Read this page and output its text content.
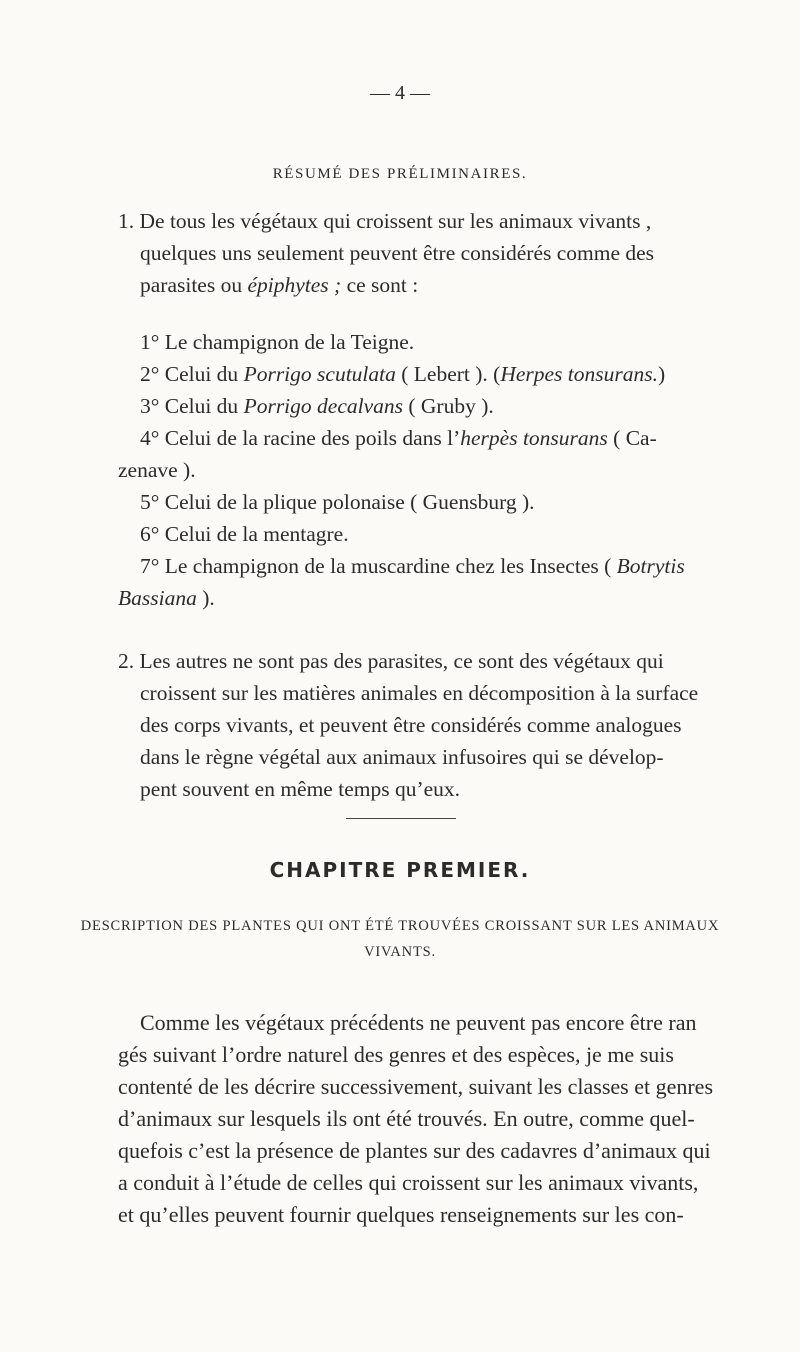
— 4 —
RÉSUMÉ DES PRÉLIMINAIRES.
1. De tous les végétaux qui croissent sur les animaux vivants ,
quelques uns seulement peuvent être considérés comme des
parasites ou épiphytes ; ce sont :
1° Le champignon de la Teigne.
2° Celui du Porrigo scutulata ( Lebert ). (Herpes tonsurans.)
3° Celui du Porrigo decalvans ( Gruby ).
4° Celui de la racine des poils dans l’herpès tonsurans ( Ca-
zenave ).
5° Celui de la plique polonaise ( Guensburg ).
6° Celui de la mentagre.
7° Le champignon de la muscardine chez les Insectes ( Botrytis
Bassiana ).
2. Les autres ne sont pas des parasites, ce sont des végétaux qui
croissent sur les matières animales en décomposition à la surface
des corps vivants, et peuvent être considérés comme analogues
dans le règne végétal aux animaux infusoires qui se dévelop-
pent souvent en même temps qu’eux.
CHAPITRE PREMIER.
DESCRIPTION DES PLANTES QUI ONT ÉTÉ TROUVÉES CROISSANT SUR LES ANIMAUX
VIVANTS.
Comme les végétaux précédents ne peuvent pas encore être ran
gés suivant l’ordre naturel des genres et des espèces, je me suis
contenté de les décrire successivement, suivant les classes et genres
d’animaux sur lesquels ils ont été trouvés. En outre, comme quel-
quefois c’est la présence de plantes sur des cadavres d’animaux qui
a conduit à l’étude de celles qui croissent sur les animaux vivants,
et qu’elles peuvent fournir quelques renseignements sur les con-
